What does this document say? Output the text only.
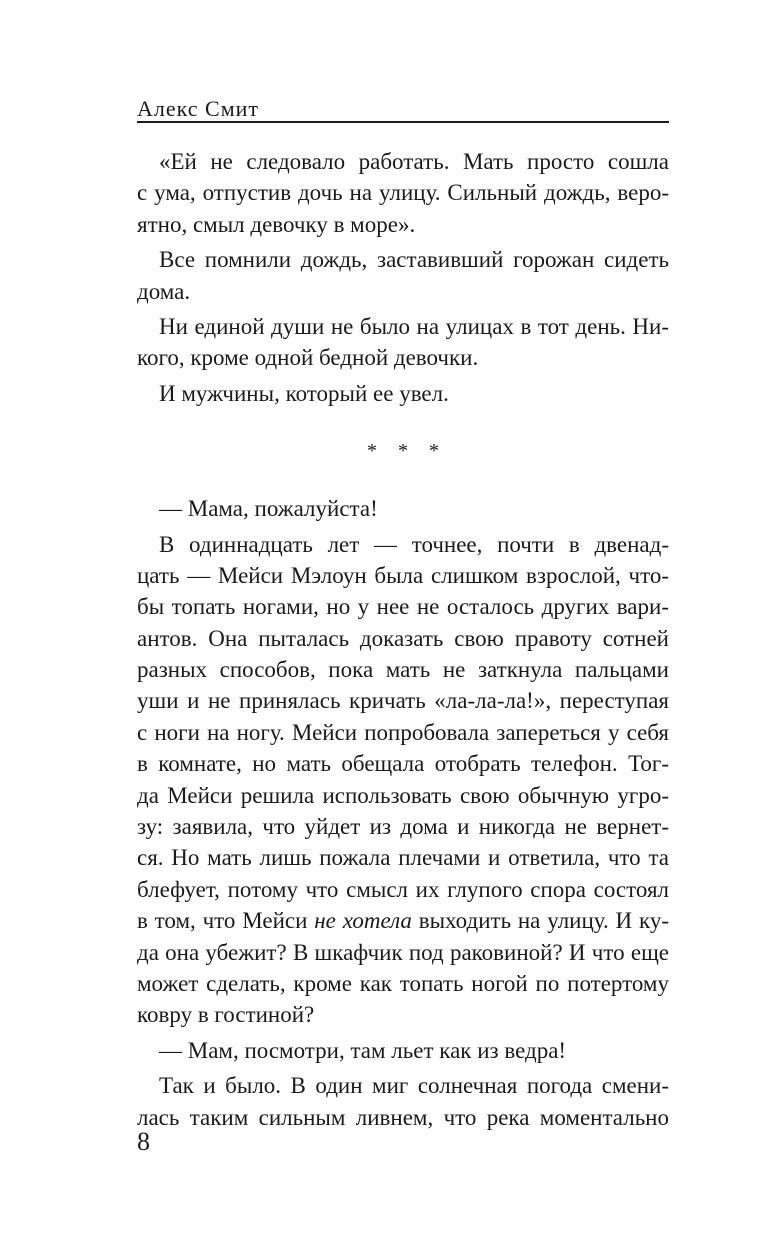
Алекс Смит
«Ей не следовало работать. Мать просто сошла
с ума, отпустив дочь на улицу. Сильный дождь, веро-
ятно, смыл девочку в море».
Все помнили дождь, заставивший горожан сидеть
дома.
Ни единой души не было на улицах в тот день. Ни-
кого, кроме одной бедной девочки.
И мужчины, который ее увел.
* * *
— Мама, пожалуйста!
В одиннадцать лет — точнее, почти в двенад-
цать — Мейси Мэлоун была слишком взрослой, что-
бы топать ногами, но у нее не осталось других вари-
антов. Она пыталась доказать свою правоту сотней
разных способов, пока мать не заткнула пальцами
уши и не принялась кричать «ла-ла-ла!», переступая
с ноги на ногу. Мейси попробовала запереться у себя
в комнате, но мать обещала отобрать телефон. Тог-
да Мейси решила использовать свою обычную угро-
зу: заявила, что уйдет из дома и никогда не вернет-
ся. Но мать лишь пожала плечами и ответила, что та
блефует, потому что смысл их глупого спора состоял
в том, что Мейси не хотела выходить на улицу. И ку-
да она убежит? В шкафчик под раковиной? И что еще
может сделать, кроме как топать ногой по потертому
ковру в гостиной?
— Мам, посмотри, там льет как из ведра!
Так и было. В один миг солнечная погода смени-
лась таким сильным ливнем, что река моментально
8
